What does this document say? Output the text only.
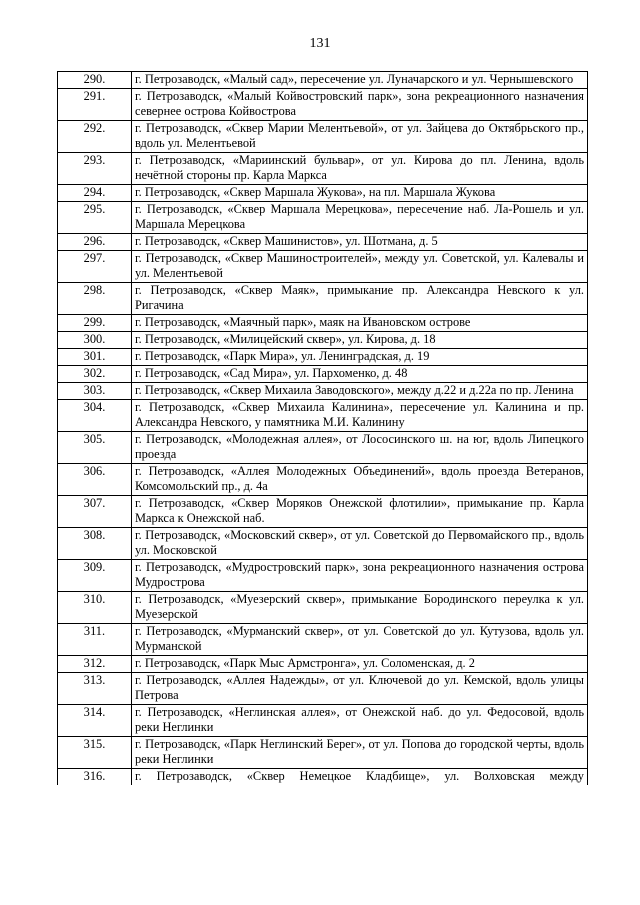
131
290.	г. Петрозаводск, «Малый сад», пересечение ул. Луначарского и ул. Чернышевского
291.	г. Петрозаводск, «Малый Койвостровский парк», зона рекреационного назначения севернее острова Койвострова
292.	г. Петрозаводск, «Сквер Марии Мелентьевой», от ул. Зайцева до Октябрьского пр., вдоль ул. Мелентьевой
293.	г. Петрозаводск, «Мариинский бульвар», от ул. Кирова до пл. Ленина, вдоль нечётной стороны пр. Карла Маркса
294.	г. Петрозаводск, «Сквер Маршала Жукова», на пл. Маршала Жукова
295.	г. Петрозаводск, «Сквер Маршала Мерецкова», пересечение наб. Ла-Рошель и ул. Маршала Мерецкова
296.	г. Петрозаводск, «Сквер Машинистов», ул. Шотмана, д. 5
297.	г. Петрозаводск, «Сквер Машиностроителей», между ул. Советской, ул. Калевалы и ул. Мелентьевой
298.	г. Петрозаводск, «Сквер Маяк», примыкание пр. Александра Невского к ул. Ригачина
299.	г. Петрозаводск, «Маячный парк», маяк на Ивановском острове
300.	г. Петрозаводск, «Милицейский сквер», ул. Кирова, д. 18
301.	г. Петрозаводск, «Парк Мира», ул. Ленинградская, д. 19
302.	г. Петрозаводск, «Сад Мира», ул. Пархоменко, д. 48
303.	г. Петрозаводск, «Сквер Михаила Заводовского», между д.22 и д.22а по пр. Ленина
304.	г. Петрозаводск, «Сквер Михаила Калинина», пересечение ул. Калинина и пр. Александра Невского, у памятника М.И. Калинину
305.	г. Петрозаводск, «Молодежная аллея», от Лососинского ш. на юг, вдоль Липецкого проезда
306.	г. Петрозаводск, «Аллея Молодежных Объединений», вдоль проезда Ветеранов, Комсомольский пр., д. 4а
307.	г. Петрозаводск, «Сквер Моряков Онежской флотилии», примыкание пр. Карла Маркса к Онежской наб.
308.	г. Петрозаводск, «Московский сквер», от ул. Советской до Первомайского пр., вдоль ул. Московской
309.	г. Петрозаводск, «Мудростровский парк», зона рекреационного назначения острова Мудрострова
310.	г. Петрозаводск, «Муезерский сквер», примыкание Бородинского переулка к ул. Муезерской
311.	г. Петрозаводск, «Мурманский сквер», от ул. Советской до ул. Кутузова, вдоль ул. Мурманской
312.	г. Петрозаводск, «Парк Мыс Армстронга», ул. Соломенская, д. 2
313.	г. Петрозаводск, «Аллея Надежды», от ул. Ключевой до ул. Кемской, вдоль улицы Петрова
314.	г. Петрозаводск, «Неглинская аллея», от Онежской наб. до ул. Федосовой, вдоль реки Неглинки
315.	г. Петрозаводск, «Парк Неглинский Берег», от ул. Попова до городской черты, вдоль реки Неглинки
316.	г. Петрозаводск, «Сквер Немецкое Кладбище», ул. Волховская между
